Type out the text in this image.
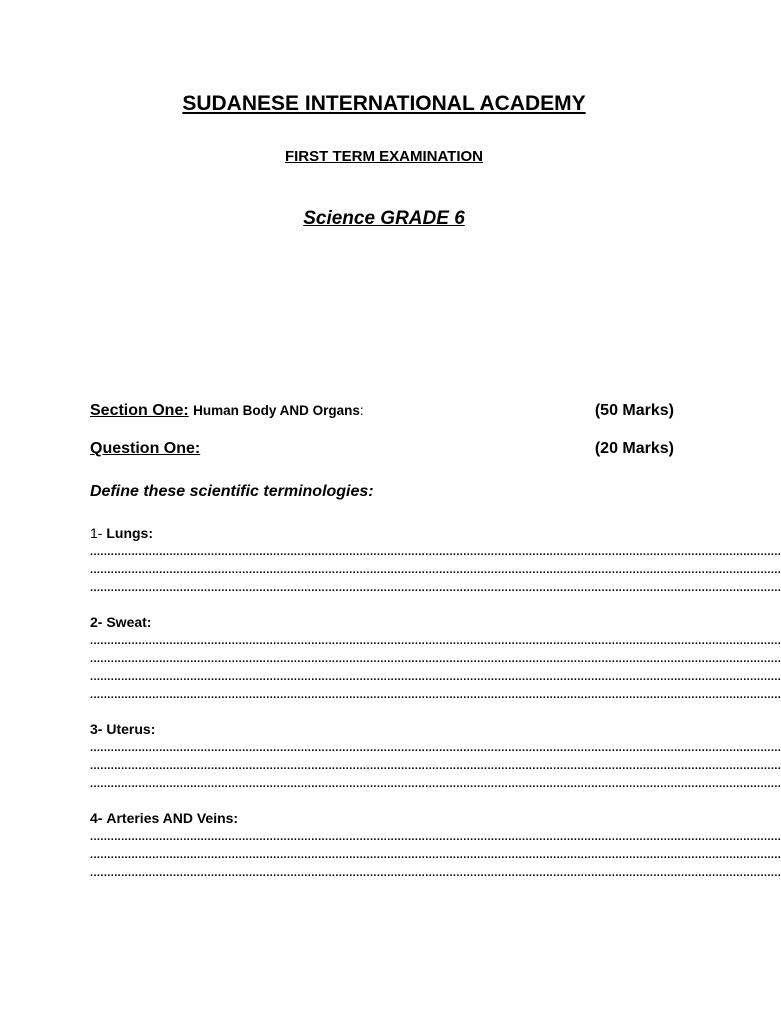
SUDANESE INTERNATIONAL ACADEMY
FIRST TERM EXAMINATION
Science GRADE 6
Section One: Human Body AND Organs:	(50 Marks)
Question One:	(20 Marks)
Define these scientific terminologies:
1- Lungs:
........................................................................................................................................................................................................
........................................................................................................................................................................................................
........................................................................................................................................................................................................
2- Sweat:
........................................................................................................................................................................................................
........................................................................................................................................................................................................
........................................................................................................................................................................................................
........................................................................................................................................................................................................
3- Uterus:
........................................................................................................................................................................................................
........................................................................................................................................................................................................
........................................................................................................................................................................................................
4- Arteries AND Veins:
........................................................................................................................................................................................................
........................................................................................................................................................................................................
........................................................................................................................................................................................................
